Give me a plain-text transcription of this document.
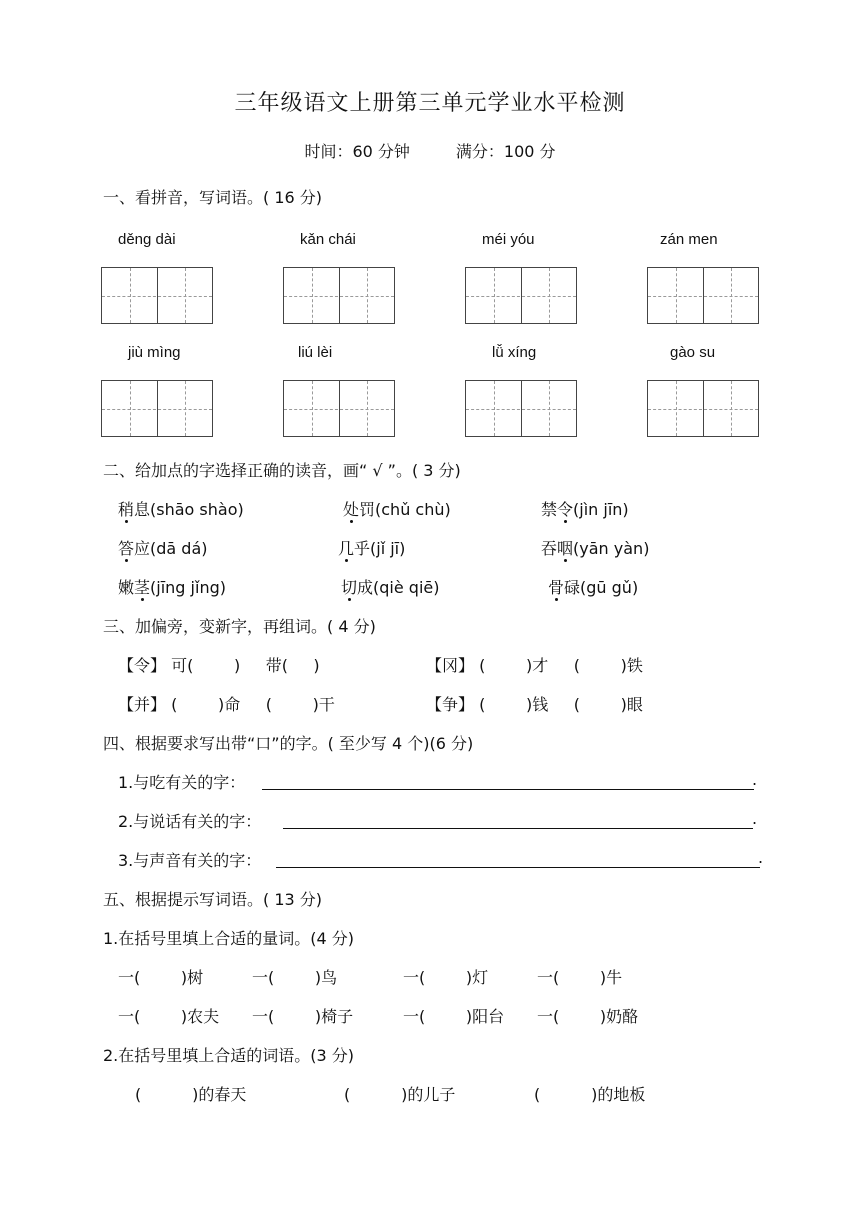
三年级语文上册第三单元学业水平检测
时间：60 分钟	满分：100 分
一、看拼音，写词语。( 16 分)
děng dài	kǎn chái	méi yóu	zán men
jiù mìng	liú lèi	lǚ xíng	gào su
二、给加点的字选择正确的读音，画“ √ ”。( 3 分)
稍息(shāo shào)	处罚(chǔ chù)	禁令(jìn jīn)
答应(dā dá)	几乎(jǐ jī)	吞咽(yān yàn)
嫩茎(jīng jǐng)	切成(qiè qiē)	骨碌(gū gǔ)
三、加偏旁，变新字，再组词。( 4 分)
【令】 可(        )     带(     )	【冈】 (        )才     (        )铁
【并】 (        )命     (        )干	【争】 (        )钱     (        )眼
四、根据要求写出带“口”的字。( 至少写 4 个)(6 分)
1.与吃有关的字：	.
2.与说话有关的字：	.
3.与声音有关的字：	.
五、根据提示写词语。( 13 分)
1.在括号里填上合适的量词。(4 分)
一(        )树	一(        )鸟	一(        )灯	一(        )牛
一(        )农夫 一(        )椅子	一(        )阳台 一(        )奶酪
2.在括号里填上合适的词语。(3 分)
(          )的春天	(          )的儿子	(          )的地板
